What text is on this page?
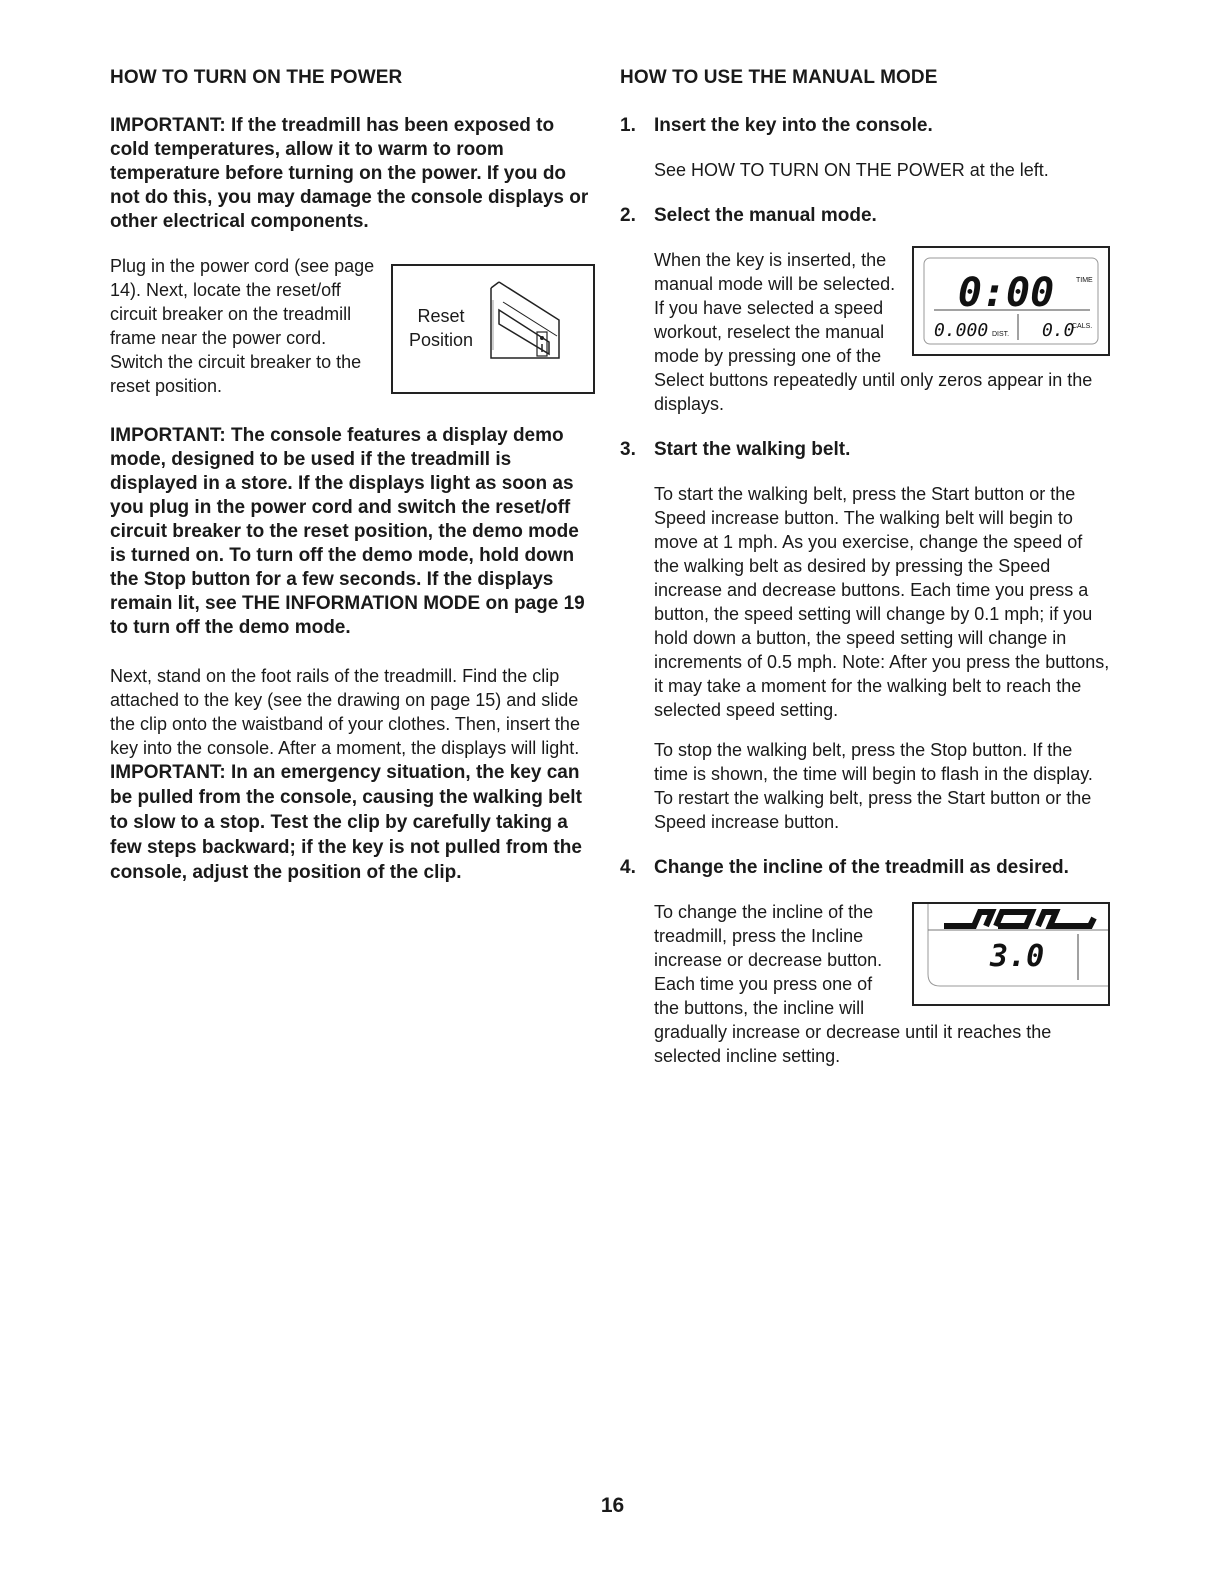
HOW TO TURN ON THE POWER

IMPORTANT: If the treadmill has been exposed to cold temperatures, allow it to warm to room temperature before turning on the power. If you do not do this, you may damage the console displays or other electrical components.

Reset
Position

Plug in the power cord (see page 14). Next, locate the reset/off circuit breaker on the treadmill frame near the power cord. Switch the circuit breaker to the reset position.

IMPORTANT: The console features a display demo mode, designed to be used if the treadmill is displayed in a store. If the displays light as soon as you plug in the power cord and switch the reset/off circuit breaker to the reset position, the demo mode is turned on. To turn off the demo mode, hold down the Stop button for a few seconds. If the displays remain lit, see THE INFORMATION MODE on page 19 to turn off the demo mode.

Next, stand on the foot rails of the treadmill. Find the clip attached to the key (see the drawing on page 15) and slide the clip onto the waistband of your clothes. Then, insert the key into the console. After a moment, the displays will light. IMPORTANT: In an emergency situation, the key can be pulled from the console, causing the walking belt to slow to a stop. Test the clip by carefully taking a few steps backward; if the key is not pulled from the console, adjust the position of the clip.

HOW TO USE THE MANUAL MODE
1. Insert the key into the console.

See HOW TO TURN ON THE POWER at the left.

2. Select the manual mode.
0:00	TIME
0.000 DIST. 0.0
CALS.

When the key is inserted, the manual mode will be selected. If you have selected a speed workout, reselect the manual mode by pressing one of the Select buttons repeatedly until only zeros appear in the displays.

3. Start the walking belt.

To start the walking belt, press the Start button or the Speed increase button. The walking belt will begin to move at 1 mph. As you exercise, change the speed of the walking belt as desired by pressing the Speed increase and decrease buttons. Each time you press a button, the speed setting will change by 0.1 mph; if you hold down a button, the speed setting will change in increments of 0.5 mph. Note: After you press the buttons, it may take a moment for the walking belt to reach the selected speed setting.

To stop the walking belt, press the Stop button. If the time is shown, the time will begin to flash in the display. To restart the walking belt, press the Start button or the Speed increase button.

4. Change the incline of the treadmill as desired.
3.0

To change the incline of the treadmill, press the Incline increase or decrease button. Each time you press one of the buttons, the incline will gradually increase or decrease until it reaches the selected incline setting.

16
